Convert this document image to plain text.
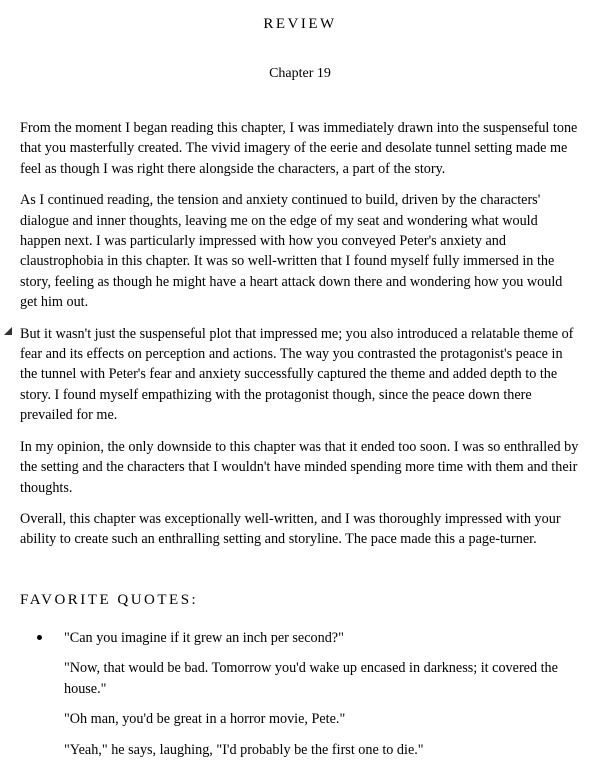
REVIEW
Chapter 19

From the moment I began reading this chapter, I was immediately drawn into the suspenseful tone that you masterfully created. The vivid imagery of the eerie and desolate tunnel setting made me feel as though I was right there alongside the characters, a part of the story.

As I continued reading, the tension and anxiety continued to build, driven by the characters' dialogue and inner thoughts, leaving me on the edge of my seat and wondering what would happen next. I was particularly impressed with how you conveyed Peter's anxiety and claustrophobia in this chapter. It was so well-written that I found myself fully immersed in the story, feeling as though he might have a heart attack down there and wondering how you would get him out.

But it wasn't just the suspenseful plot that impressed me; you also introduced a relatable theme of fear and its effects on perception and actions. The way you contrasted the protagonist's peace in the tunnel with Peter's fear and anxiety successfully captured the theme and added depth to the story. I found myself empathizing with the protagonist though, since the peace down there prevailed for me.

In my opinion, the only downside to this chapter was that it ended too soon. I was so enthralled by the setting and the characters that I wouldn't have minded spending more time with them and their thoughts.

Overall, this chapter was exceptionally well-written, and I was thoroughly impressed with your ability to create such an enthralling setting and storyline. The pace made this a page-turner.

FAVORITE QUOTES:
"Can you imagine if it grew an inch per second?"
"Now, that would be bad. Tomorrow you'd wake up encased in darkness; it covered the house."
"Oh man, you'd be great in a horror movie, Pete."
"Yeah," he says, laughing, "I'd probably be the first one to die."
